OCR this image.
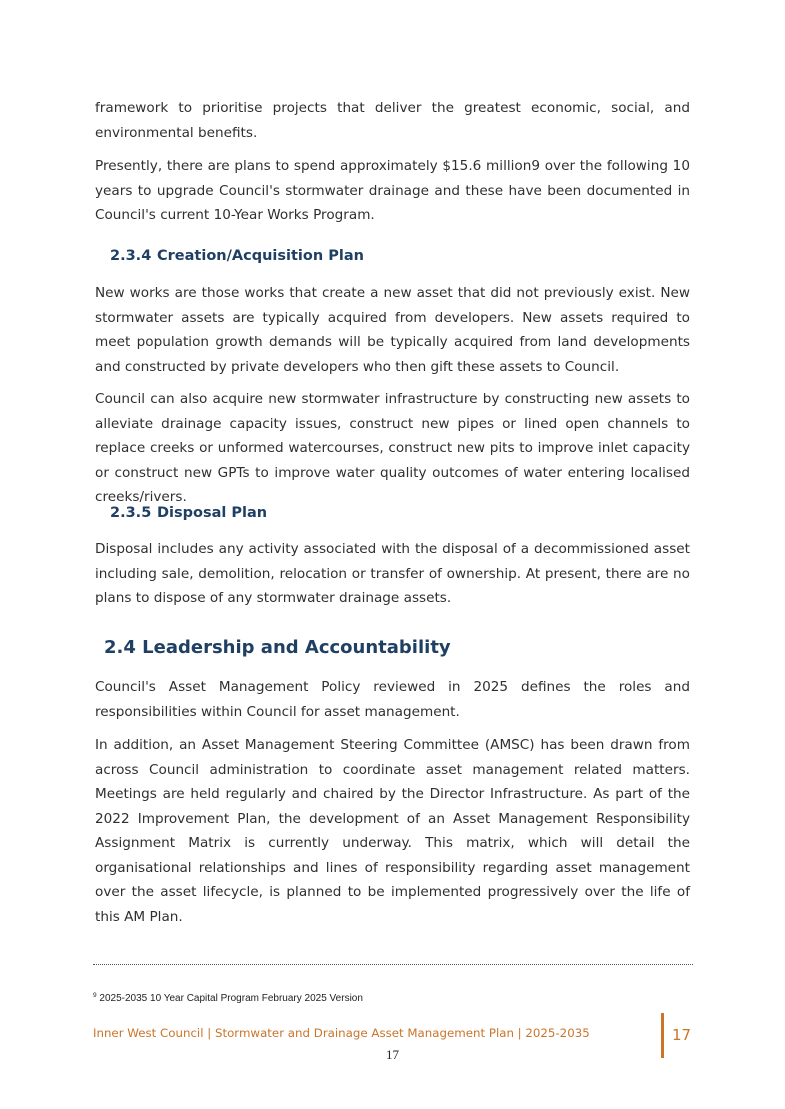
framework to prioritise projects that deliver the greatest economic, social, and environmental benefits.

Presently, there are plans to spend approximately $15.6 million9 over the following 10 years to upgrade Council's stormwater drainage and these have been documented in Council's current 10-Year Works Program.

2.3.4 Creation/Acquisition Plan

New works are those works that create a new asset that did not previously exist. New stormwater assets are typically acquired from developers. New assets required to meet population growth demands will be typically acquired from land developments and constructed by private developers who then gift these assets to Council.

Council can also acquire new stormwater infrastructure by constructing new assets to alleviate drainage capacity issues, construct new pipes or lined open channels to replace creeks or unformed watercourses, construct new pits to improve inlet capacity or construct new GPTs to improve water quality outcomes of water entering localised creeks/rivers.

2.3.5 Disposal Plan

Disposal includes any activity associated with the disposal of a decommissioned asset including sale, demolition, relocation or transfer of ownership. At present, there are no plans to dispose of any stormwater drainage assets.

2.4 Leadership and Accountability

Council's Asset Management Policy reviewed in 2025 defines the roles and responsibilities within Council for asset management.

In addition, an Asset Management Steering Committee (AMSC) has been drawn from across Council administration to coordinate asset management related matters. Meetings are held regularly and chaired by the Director Infrastructure. As part of the 2022 Improvement Plan, the development of an Asset Management Responsibility Assignment Matrix is currently underway. This matrix, which will detail the organisational relationships and lines of responsibility regarding asset management over the asset lifecycle, is planned to be implemented progressively over the life of this AM Plan.

$^9$ 2025-2035 10 Year Capital Program February 2025 Version
Inner West Council | Stormwater and Drainage Asset Management Plan | 2025-2035	17
17
